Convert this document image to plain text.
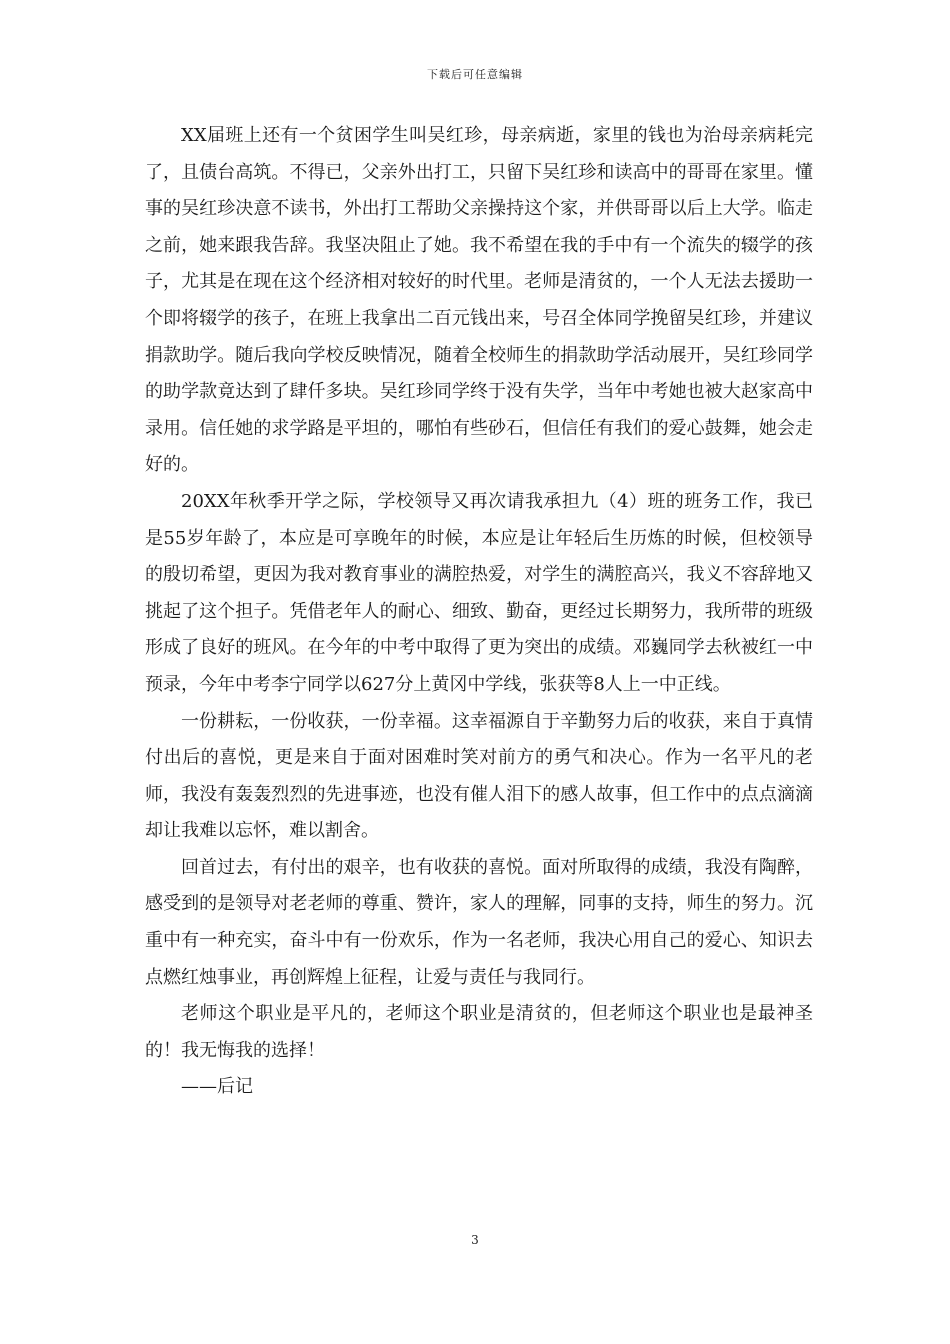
下载后可任意编辑

XX届班上还有一个贫困学生叫吴红珍，母亲病逝，家里的钱也为治母亲病耗完了，且债台高筑。不得已，父亲外出打工，只留下吴红珍和读高中的哥哥在家里。懂事的吴红珍决意不读书，外出打工帮助父亲操持这个家，并供哥哥以后上大学。临走之前，她来跟我告辞。我坚决阻止了她。我不希望在我的手中有一个流失的辍学的孩子，尤其是在现在这个经济相对较好的时代里。老师是清贫的，一个人无法去援助一个即将辍学的孩子，在班上我拿出二百元钱出来，号召全体同学挽留吴红珍，并建议捐款助学。随后我向学校反映情况，随着全校师生的捐款助学活动展开，吴红珍同学的助学款竟达到了肆仟多块。吴红珍同学终于没有失学，当年中考她也被大赵家高中录用。信任她的求学路是平坦的，哪怕有些砂石，但信任有我们的爱心鼓舞，她会走好的。

20XX年秋季开学之际，学校领导又再次请我承担九（4）班的班务工作，我已是55岁年龄了，本应是可享晚年的时候，本应是让年轻后生历炼的时候，但校领导的殷切希望，更因为我对教育事业的满腔热爱，对学生的满腔高兴，我义不容辞地又挑起了这个担子。凭借老年人的耐心、细致、勤奋，更经过长期努力，我所带的班级形成了良好的班风。在今年的中考中取得了更为突出的成绩。邓巍同学去秋被红一中预录，今年中考李宁同学以627分上黄冈中学线，张获等8人上一中正线。

一份耕耘，一份收获，一份幸福。这幸福源自于辛勤努力后的收获，来自于真情付出后的喜悦，更是来自于面对困难时笑对前方的勇气和决心。作为一名平凡的老师，我没有轰轰烈烈的先进事迹，也没有催人泪下的感人故事，但工作中的点点滴滴却让我难以忘怀，难以割舍。

回首过去，有付出的艰辛，也有收获的喜悦。面对所取得的成绩，我没有陶醉，感受到的是领导对老老师的尊重、赞许，家人的理解，同事的支持，师生的努力。沉重中有一种充实，奋斗中有一份欢乐，作为一名老师，我决心用自己的爱心、知识去点燃红烛事业，再创辉煌上征程，让爱与责任与我同行。

老师这个职业是平凡的，老师这个职业是清贫的，但老师这个职业也是最神圣的！我无悔我的选择！

——后记

3
